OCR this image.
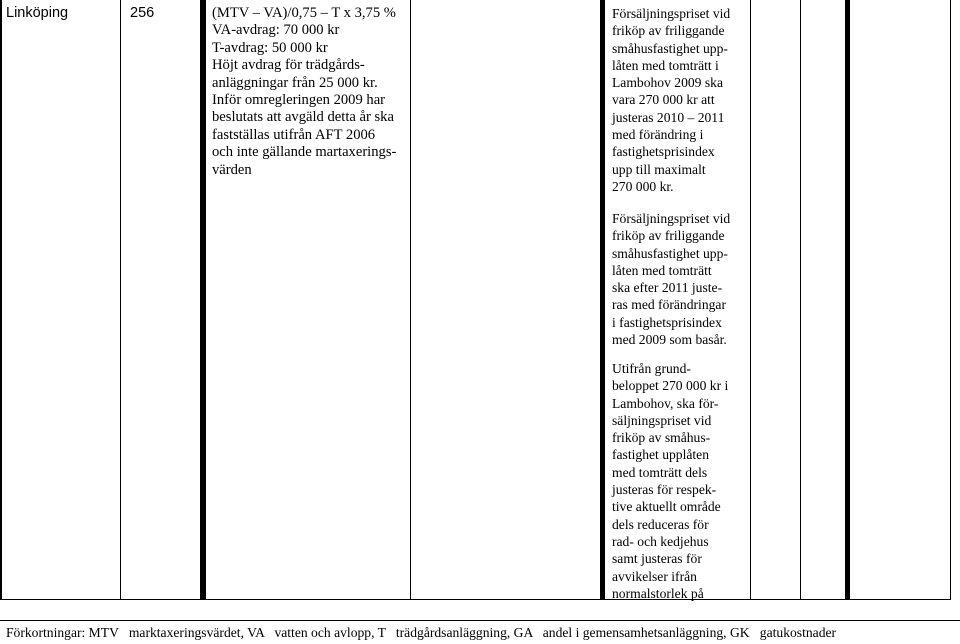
Linköping	256	(MTV – VA)/0,75 – T x 3,75 %
VA-avdrag: 70 000 kr
T-avdrag: 50 000 kr
Höjt avdrag för trädgårds-
anläggningar från 25 000 kr.
Inför omregleringen 2009 har
beslutats att avgäld detta år ska
fastställas utifrån AFT 2006
och inte gällande martaxerings-
värden
Försäljningspriset vid
friköp av friliggande
småhusfastighet upp-
låten med tomträtt i
Lambohov 2009 ska
vara 270 000 kr att
justeras 2010 – 2011
med förändring i
fastighetsprisindex
upp till maximalt
270 000 kr.
Försäljningspriset vid
friköp av friliggande
småhusfastighet upp-
låten med tomträtt
ska efter 2011 juste-
ras med förändringar
i fastighetsprisindex
med 2009 som basår.
Utifrån grund-
beloppet 270 000 kr i
Lambohov, ska för-
säljningspriset vid
friköp av småhus-
fastighet upplåten
med tomträtt dels
justeras för respek-
tive aktuellt område
dels reduceras för
rad- och kedjehus
samt justeras för
avvikelser ifrån
normalstorlek på
Förkortningar: MTV   marktaxeringsvärdet, VA   vatten och avlopp, T   trädgårdsanläggning, GA   andel i gemensamhetsanläggning, GK   gatukostnader
